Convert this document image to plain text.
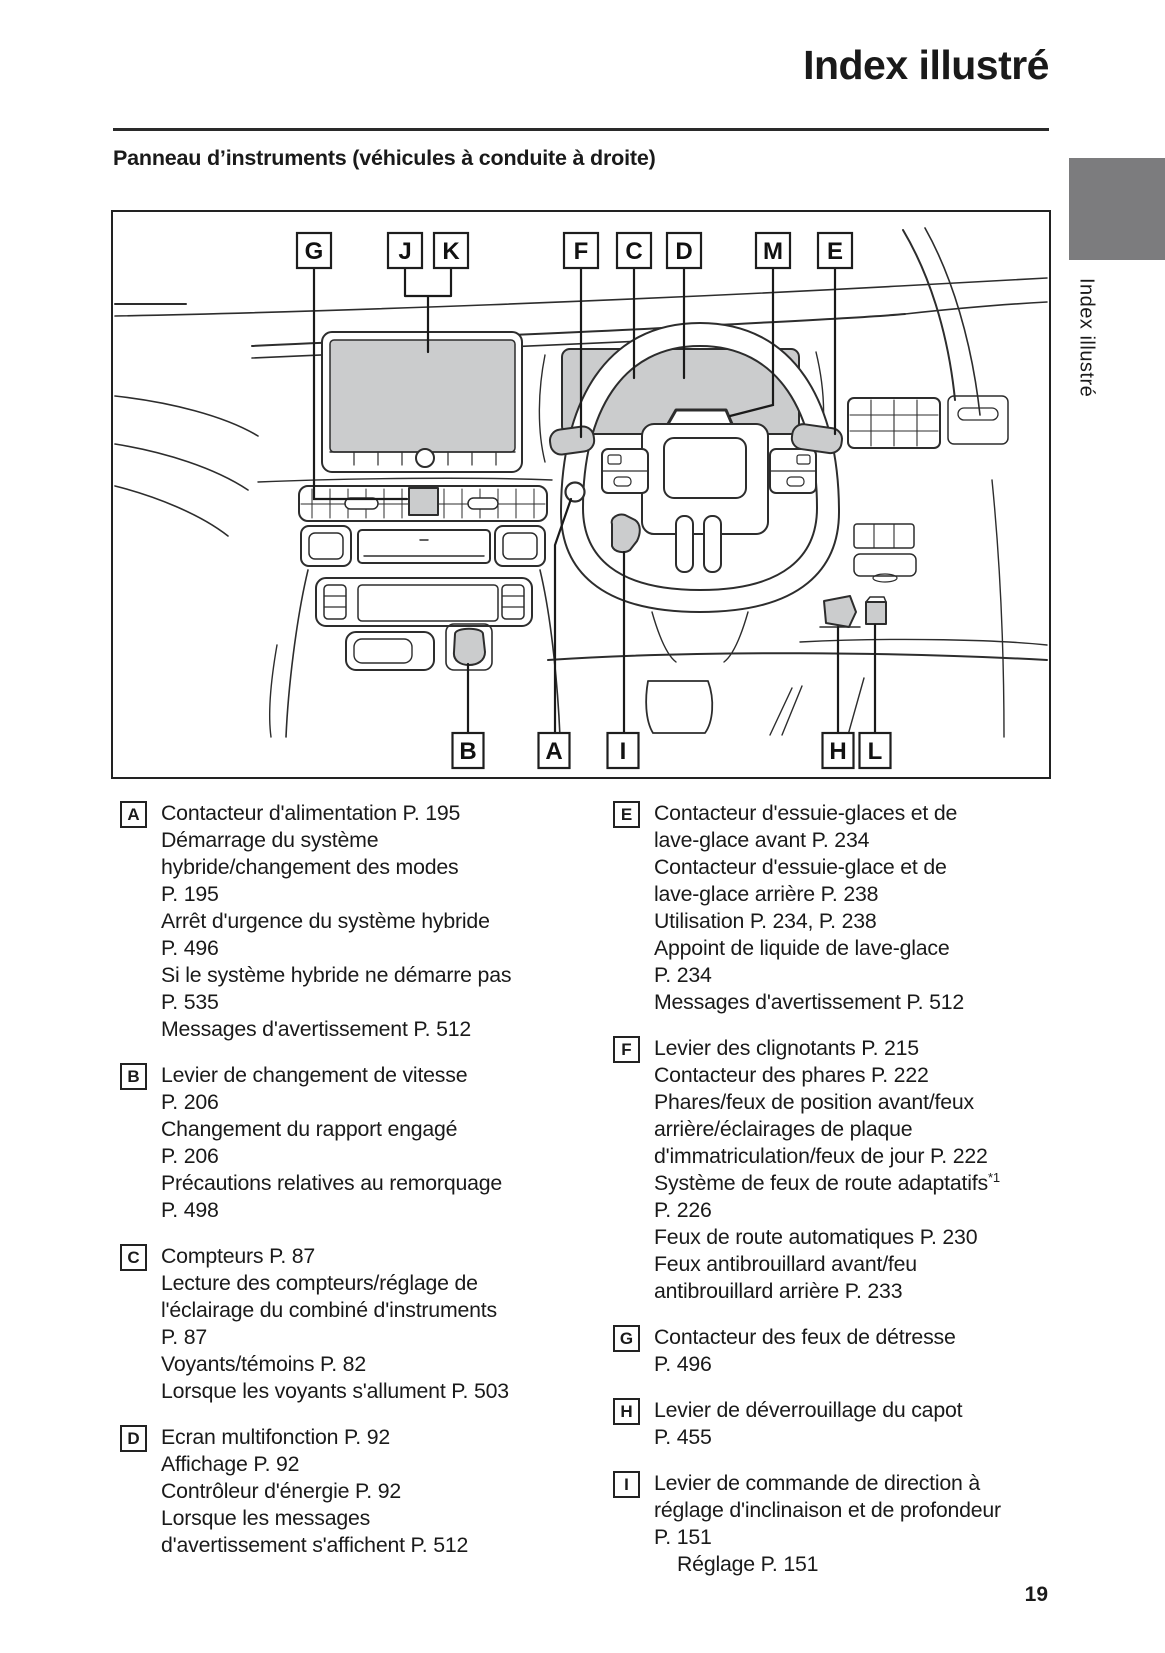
Index illustré
Panneau d’instruments (véhicules à conduite à droite)
Index illustré
G	J K	F C D	M E
B	A I	H L
A	Contacteur d'alimentation P. 195
Démarrage du système
hybride/changement des modes
P. 195
Arrêt d'urgence du système hybride
P. 496
Si le système hybride ne démarre pas
P. 535
Messages d'avertissement P. 512
B	Levier de changement de vitesse
P. 206
Changement du rapport engagé
P. 206
Précautions relatives au remorquage
P. 498
C	Compteurs P. 87
Lecture des compteurs/réglage de
l'éclairage du combiné d'instruments
P. 87
Voyants/témoins P. 82
Lorsque les voyants s'allument P. 503
D	Ecran multifonction P. 92
Affichage P. 92
Contrôleur d'énergie P. 92
Lorsque les messages
d'avertissement s'affichent P. 512
E	Contacteur d'essuie-glaces et de
lave-glace avant P. 234
Contacteur d'essuie-glace et de
lave-glace arrière P. 238
Utilisation P. 234, P. 238
Appoint de liquide de lave-glace
P. 234
Messages d'avertissement P. 512
F	Levier des clignotants P. 215
Contacteur des phares P. 222
Phares/feux de position avant/feux
arrière/éclairages de plaque
d'immatriculation/feux de jour P. 222
Système de feux de route adaptatifs$^{*1}$
P. 226
Feux de route automatiques P. 230
Feux antibrouillard avant/feu
antibrouillard arrière P. 233
G Contacteur des feux de détresse
P. 496
H	Levier de déverrouillage du capot
P. 455
I	Levier de commande de direction à
réglage d'inclinaison et de profondeur
P. 151
Réglage P. 151
19
